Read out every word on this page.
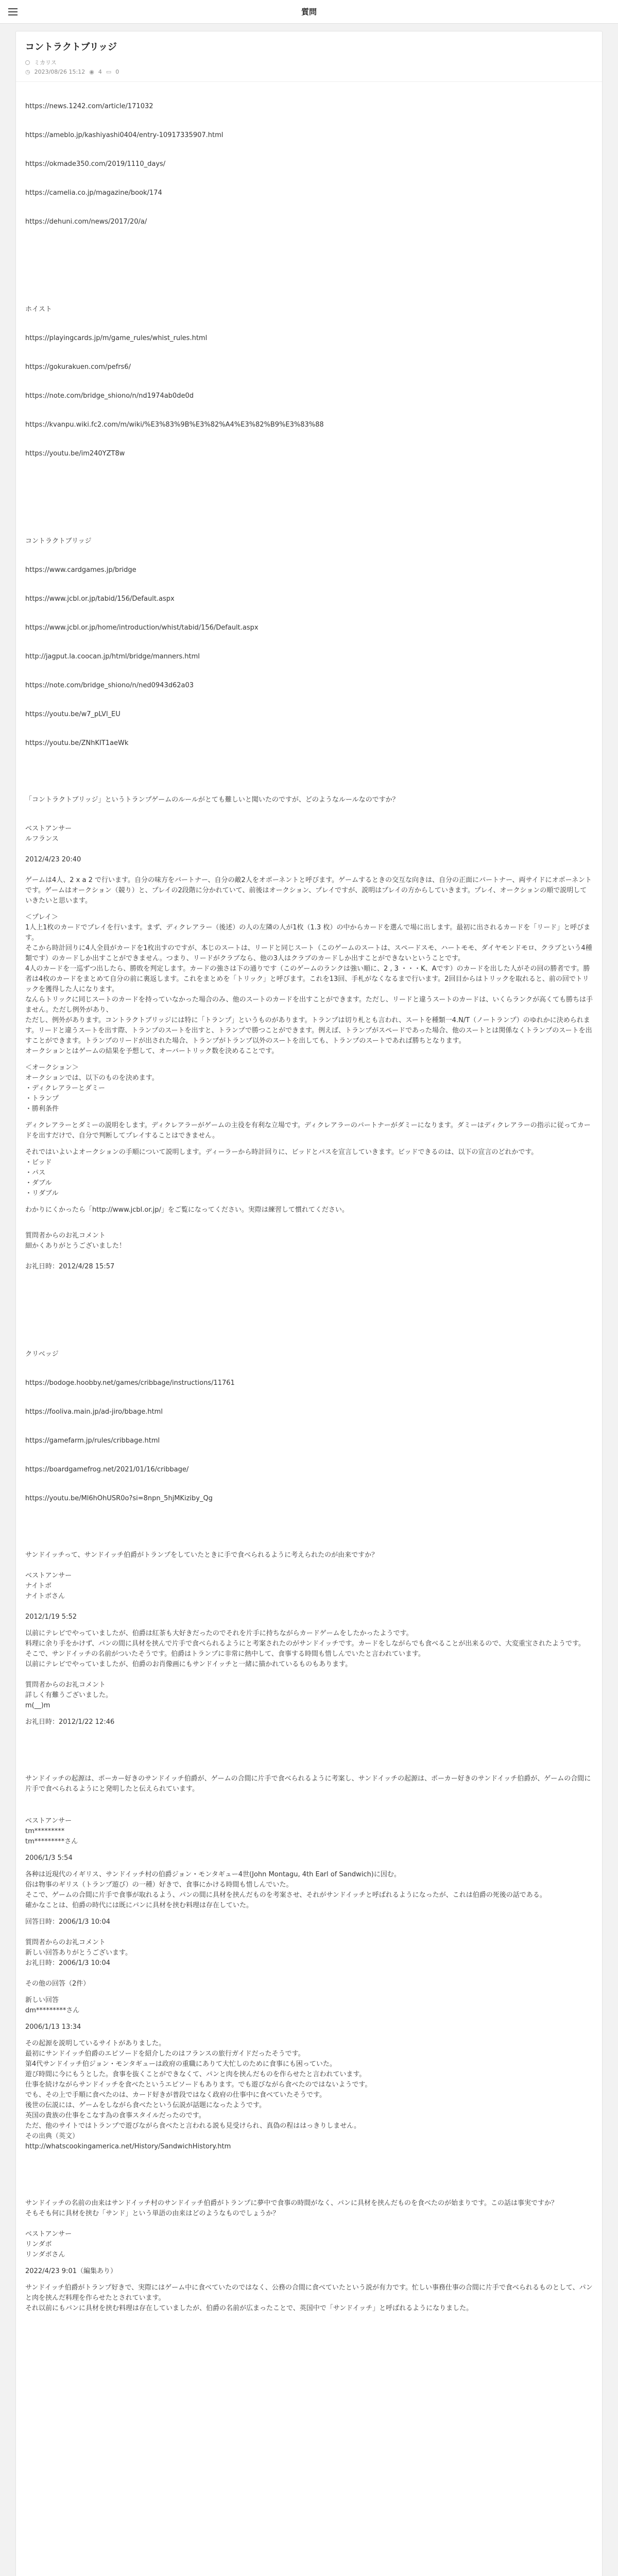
質問
コントラクトブリッジ
ミカリス
◷ 2023/08/26 15:12 ◉ 4 ▭ 0
https://news.1242.com/article/171032
https://ameblo.jp/kashiyashi0404/entry-10917335907.html
https://okmade350.com/2019/1110_days/
https://camelia.co.jp/magazine/book/174
https://dehuni.com/news/2017/20/a/

ホイスト

https://playingcards.jp/m/game_rules/whist_rules.html
https://gokurakuen.com/pefrs6/
https://note.com/bridge_shiono/n/nd1974ab0de0d
https://kvanpu.wiki.fc2.com/m/wiki/%E3%83%9B%E3%82%A4%E3%82%B9%E3%83%88
https://youtu.be/im240YZT8w

コントラクトブリッジ

https://www.cardgames.jp/bridge
https://www.jcbl.or.jp/tabid/156/Default.aspx
https://www.jcbl.or.jp/home/introduction/whist/tabid/156/Default.aspx
http://jagput.la.coocan.jp/html/bridge/manners.html
https://note.com/bridge_shiono/n/ned0943d62a03
https://youtu.be/w7_pLVl_EU
https://youtu.be/ZNhKIT1aeWk

「コントラクトブリッジ」というトランプゲームのルールがとても難しいと聞いたのですが、どのようなルールなのですか？

ベストアンサー

ルフランス

2012/4/23 20:40

ゲームは4人、2 x a 2 で行います。自分の味方をパートナー、自分の敵2人をオポーネントと呼びます。ゲームするときの交互な向きは、自分の正面にパートナー、両サイドにオポーネントです。ゲームはオークション（競り）と、プレイの2段階に分かれていて、前後はオークション、プレイですが、説明はプレイの方からしていきます。プレイ、オークションの順で説明していきたいと思います。

＜プレイ＞

1人上1枚のカードでプレイを行います。まず、ディクレアラー（後述）の人の左隣の人が1枚（1.3 枚）の中からカードを選んで場に出します。最初に出されるカードを「リード」と呼びます。

そこから時計回りに4人全員がカードを1枚出すのですが、本じのスートは、リードと同じスート（このゲームのスートは、スペードスモ、ハートモモ、ダイヤモンドモロ、クラブという4種類です）のカードしか出すことができません。つまり、リードがクラブなら、他の3人はクラブのカードしか出すことができないということです。

4人のカードを一巡ずつ出したら、勝敗を判定します。カードの強さは下の通りです（このゲームのランクは強い順に、2 , 3 ・・・K、Aです）のカードを出した人がその回の勝者です。勝者は4枚のカードをまとめて自分の前に裏返します。これをまとめを「トリック」と呼びます。これを13回、手札がなくなるまで行います。2回目からはトリックを取れると、前の回でトリックを獲得した人になります。

なんらトリックに同じスートのカードを持っていなかった場合のみ、他のスートのカードを出すことができます。ただし、リードと違うスートのカードは、いくらランクが高くても勝ちは手ません。ただし例外があり、

ただし、例外があります。コントラクトブリッジには特に「トランプ」というものがあります。トランプは切り札とも言われ、スートを種類一4.N/T（ノートランプ）のゆれかに決められます。リードと違うスートを出す際、トランプのスートを出すと、トランプで勝つことができます。例えば、トランプがスペードであった場合、他のスートとは関係なくトランプのスートを出すことができます。トランプのリードが出された場合、トランプがトランプ以外のスートを出しても、トランプのスートであれば勝ちとなります。

オークションとはゲームの結果を予想して、オーバートリック数を決めることです。

＜オークション＞

オークションでは、以下のものを決めます。

・ディクレアラーとダミー

・トランプ

・勝利条件

ディクレアラーとダミーの説明をします。ディクレアラーがゲームの主役を有利な立場です。ディクレアラーのパートナーがダミーになります。ダミーはディクレアラーの指示に従ってカードを出すだけで、自分で判断してプレイすることはできません。

それではいよいよオークションの手順について説明します。ディーラーから時計回りに、ビッドとパスを宣言していきます。ビッドできるのは、以下の宣言のどれかです。

・ビッド

・パス

・ダブル

・リダブル

わかりにくかったら「http://www.jcbl.or.jp/」をご覧になってください。実際は練習して慣れてください。

質問者からのお礼コメント

細かくありがとうございました！

お礼日時：2012/4/28 15:57

クリベッジ

https://bodoge.hoobby.net/games/cribbage/instructions/11761
https://fooliva.main.jp/ad-jiro/bbage.html
https://gamefarm.jp/rules/cribbage.html
https://boardgamefrog.net/2021/01/16/cribbage/
https://youtu.be/Ml6hOhUSR0o?si=8npn_5hjMKiziby_Qg

サンドイッチって、サンドイッチ伯爵がトランプをしていたときに手で食べられるように考えられたのが由来ですか？

ベストアンサー

ナイトボ

ナイトボさん

2012/1/19 5:52

以前にテレビでやっていましたが、伯爵は紅茶も大好きだったのでそれを片手に持ちながらカードゲームをしたかったようです。

料理に余り手をかけず、パンの間に具材を挟んで片手で食べられるようにと考案されたのがサンドイッチです。カードをしながらでも食べることが出来るので、大変重宝されたようです。

そこで、サンドイッチの名前がついたそうです。伯爵はトランプに非常に熱中して、食事する時間も惜しんでいたと言われています。

以前にテレビでやっていましたが、伯爵のお肖像画にもサンドイッチと一緒に描かれているものもあります。

質問者からのお礼コメント

詳しく有難うございました。

m(__)m

お礼日時：2012/1/22 12:46

サンドイッチの起源は、ポーカー好きのサンドイッチ伯爵が、ゲームの合間に片手で食べられるように考案し、サンドイッチの起源は、ポーカー好きのサンドイッチ伯爵が、ゲームの合間に片手で食べられるようにと発明したと伝えられています。

ベストアンサー

tm*********

tm*********さん

2006/1/3 5:54

各种は近現代のイギリス、サンドイッチ村の伯爵ジョン・モンタギュー4世(John Montagu, 4th Earl of Sandwich)に因む。

俗は物事のギリス（トランプ遊び）の一種）好きで、食事にかける時間も惜しんでいた。

そこで、ゲームの合間に片手で食事が取れるよう、パンの間に具材を挟んだものを考案させ、それがサンドイッチと呼ばれるようになったが、これは伯爵の死後の話である。

確かなことは、伯爵の時代には既にパンに具材を挟む料理は存在していた。

回答日時：2006/1/3 10:04

質問者からのお礼コメント

新しい回答ありがとうございます。

お礼日時：2006/1/3 10:04

その他の回答（2件）

新しい回答

dm*********さん

2006/1/13 13:34

その起源を説明しているサイトがありました。

最初にサンドイッチ伯爵のエピソードを紹介したのはフランスの旅行ガイドだったそうです。

第4代サンドイッチ伯ジョン・モンタギューは政府の重職にありて大忙しのために食事にも困っていた。

遊び時間に今にもうとした。食事を抜くことができなくて、パンと肉を挟んだものを作らせたと言われています。

仕事を続けながらサンドイッチを食べたというエピソードもあります。でも遊びながら食べたのではないようです。

でも、その上で手順に食べたのは、カード好きが普段ではなく政府の仕事中に食べていたそうです。

後世の伝説には、ゲームをしながら食べたという伝説が話題になったようです。

英国の貴族の仕事をこなす為の食事スタイルだったのです。

ただ、他のサイトではトランプで遊びながら食べたと言われる説も見受けられ、真偽の程ははっきりしません。

その出典（英文）

http://whatscookingamerica.net/History/SandwichHistory.htm

サンドイッチの名前の由来はサンドイッチ村のサンドイッチ伯爵がトランプに夢中で食事の時間がなく、パンに具材を挟んだものを食べたのが始まりです。この話は事実ですか？

そもそも何に具材を挟む「サンド」という単語の由来はどのようなものでしょうか？

ベストアンサー

リンダボ

リンダボさん

2022/4/23 9:01（編集あり）

サンドイッチ伯爵がトランプ好きで、実際にはゲーム中に食べていたのではなく、公務の合間に食べていたという説が有力です。忙しい事務仕事の合間に片手で食べられるものとして、パンと肉を挟んだ料理を作らせたとされています。

それ以前にもパンに具材を挟む料理は存在していましたが、伯爵の名前が広まったことで、英国中で「サンドイッチ」と呼ばれるようになりました。
